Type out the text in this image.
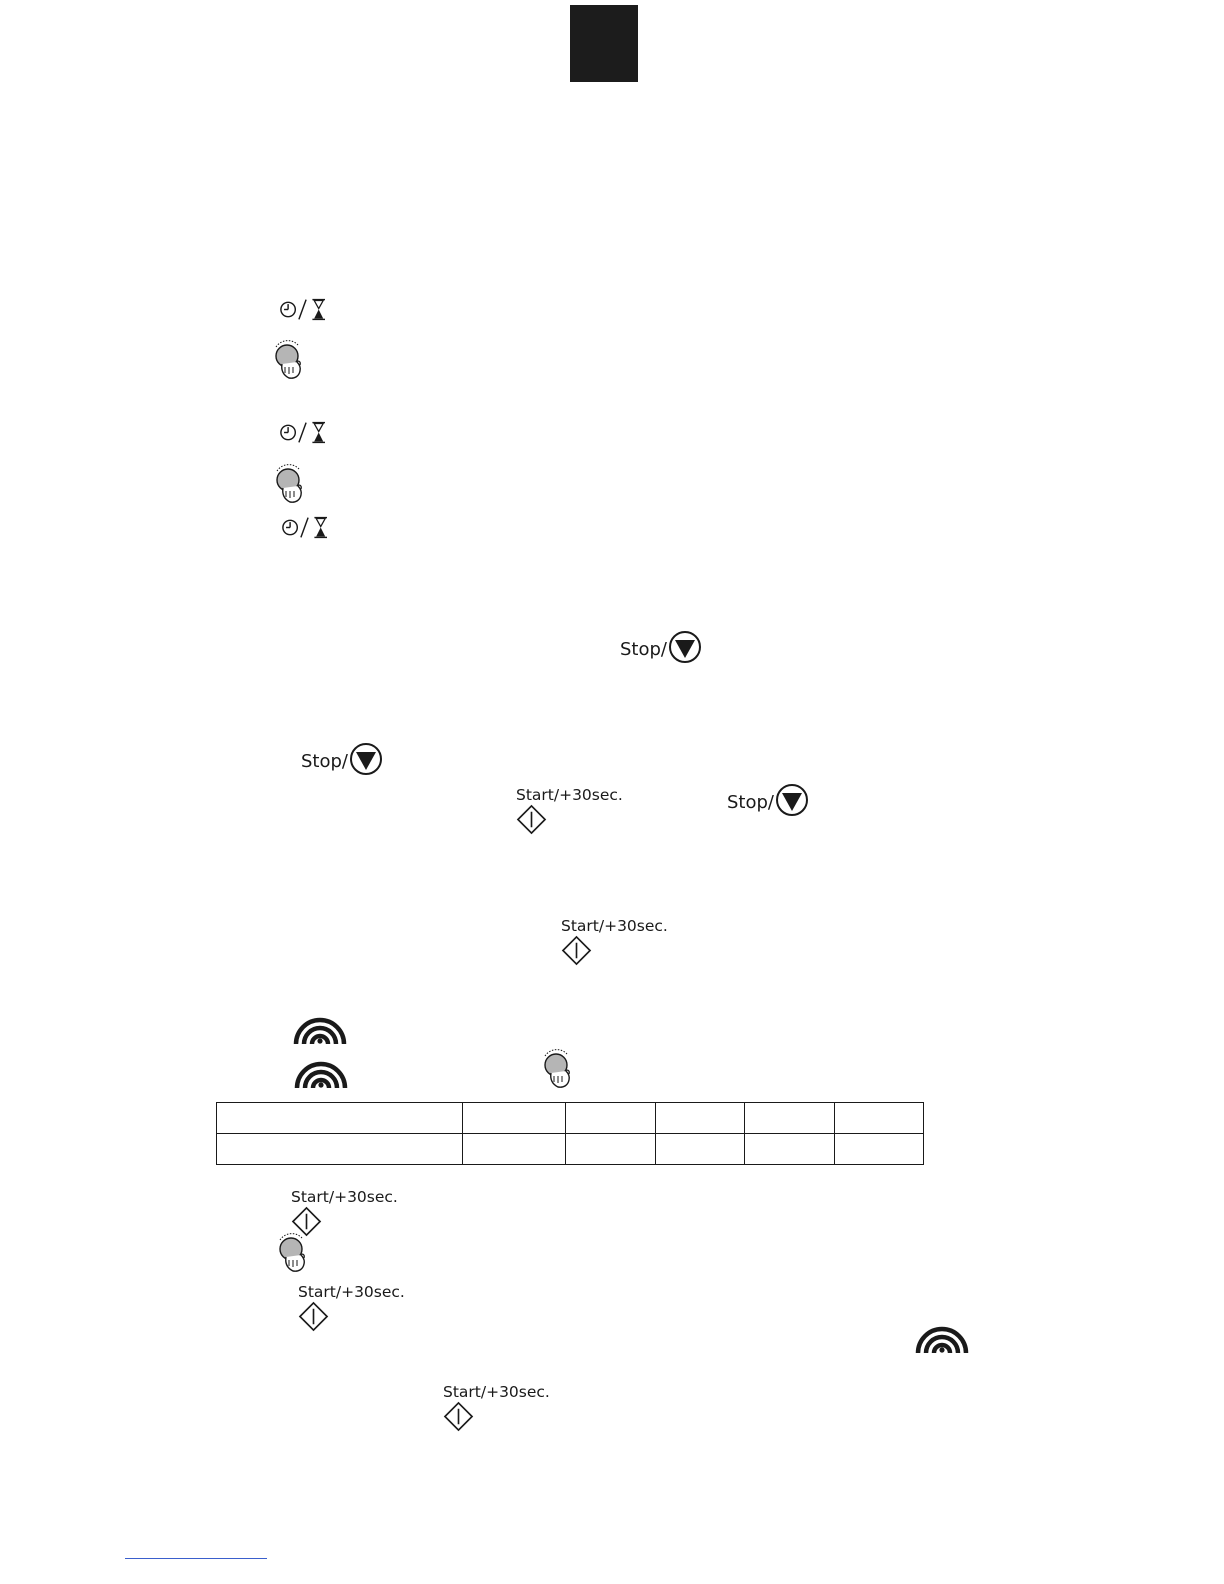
Stop/
Stop/
Stop/
Start/+30sec.
Start/+30sec.
Start/+30sec.
Start/+30sec.
Start/+30sec.
